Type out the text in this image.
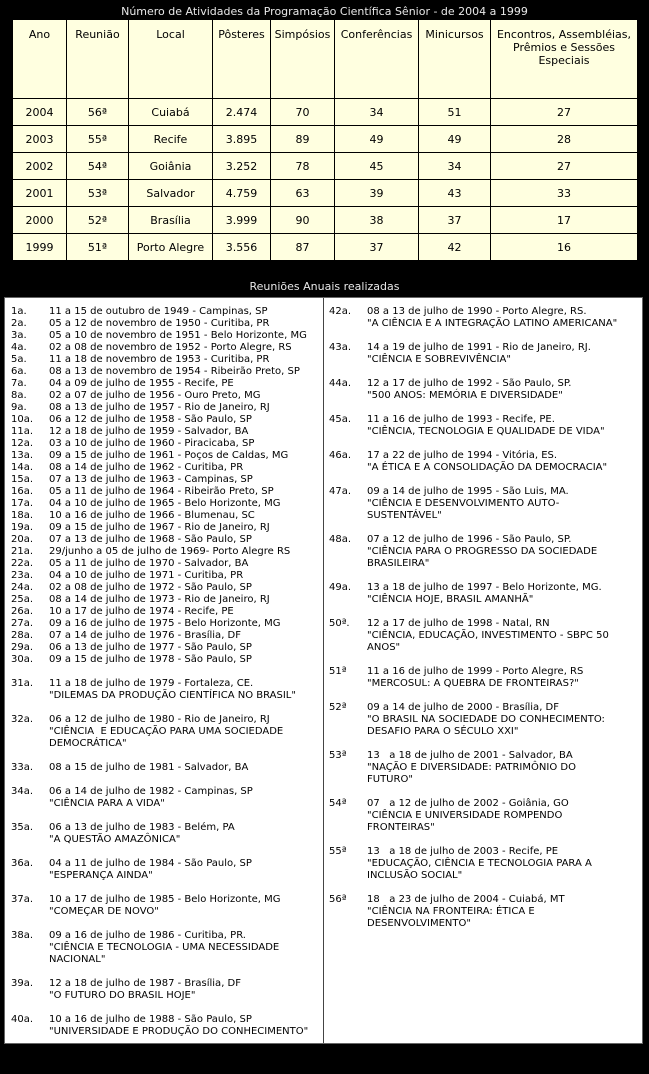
Número de Atividades da Programação Científica Sênior - de 2004 a 1999
Ano	Reunião	Local	Pôsteres	Simpósios	Conferências	Minicursos	Encontros, Assembléias, Prêmios e Sessões Especiais
2004	56ª	Cuiabá	2.474	70	34	51	27
2003	55ª	Recife	3.895	89	49	49	28
2002	54ª	Goiânia	3.252	78	45	34	27
2001	53ª	Salvador	4.759	63	39	43	33
2000	52ª	Brasília	3.999	90	38	37	17
1999	51ª	Porto Alegre	3.556	87	37	42	16
Reuniões Anuais realizadas
1a.	11 a 15 de outubro de 1949 - Campinas, SP
2a.	05 a 12 de novembro de 1950 - Curitiba, PR
3a.	05 a 10 de novembro de 1951 - Belo Horizonte, MG
4a.	02 a 08 de novembro de 1952 - Porto Alegre, RS
5a.	11 a 18 de novembro de 1953 - Curitiba, PR
6a.	08 a 13 de novembro de 1954 - Ribeirão Preto, SP
7a.	04 a 09 de julho de 1955 - Recife, PE
8a.	02 a 07 de julho de 1956 - Ouro Preto, MG
9a.	08 a 13 de julho de 1957 - Rio de Janeiro, RJ
10a.	06 a 12 de julho de 1958 - São Paulo, SP
11a.	12 a 18 de julho de 1959 - Salvador, BA
12a.	03 a 10 de julho de 1960 - Piracicaba, SP
13a.	09 a 15 de julho de 1961 - Poços de Caldas, MG
14a.	08 a 14 de julho de 1962 - Curitiba, PR
15a.	07 a 13 de julho de 1963 - Campinas, SP
16a.	05 a 11 de julho de 1964 - Ribeirão Preto, SP
17a.	04 a 10 de julho de 1965 - Belo Horizonte, MG
18a.	10 a 16 de julho de 1966 - Blumenau, SC
19a.	09 a 15 de julho de 1967 - Rio de Janeiro, RJ
20a.	07 a 13 de julho de 1968 - São Paulo, SP
21a.	29/junho a 05 de julho de 1969- Porto Alegre RS
22a.	05 a 11 de julho de 1970 - Salvador, BA
23a.	04 a 10 de julho de 1971 - Curitiba, PR
24a.	02 a 08 de julho de 1972 - São Paulo, SP
25a.	08 a 14 de julho de 1973 - Rio de Janeiro, RJ
26a.	10 a 17 de julho de 1974 - Recife, PE
27a.	09 a 16 de julho de 1975 - Belo Horizonte, MG
28a.	07 a 14 de julho de 1976 - Brasília, DF
29a.	06 a 13 de julho de 1977 - São Paulo, SP
30a.	09 a 15 de julho de 1978 - São Paulo, SP
31a.	11 a 18 de julho de 1979 - Fortaleza, CE.
"DILEMAS DA PRODUÇÃO CIENTÍFICA NO BRASIL"
32a.	06 a 12 de julho de 1980 - Rio de Janeiro, RJ
"CIÊNCIA  E EDUCAÇÃO PARA UMA SOCIEDADE
DEMOCRÁTICA"
33a.	08 a 15 de julho de 1981 - Salvador, BA
34a.	06 a 14 de julho de 1982 - Campinas, SP
"CIÊNCIA PARA A VIDA"
35a.	06 a 13 de julho de 1983 - Belém, PA
"A QUESTÃO AMAZÔNICA"
36a.	04 a 11 de julho de 1984 - São Paulo, SP
"ESPERANÇA AINDA"
37a.	10 a 17 de julho de 1985 - Belo Horizonte, MG
"COMEÇAR DE NOVO"
38a.	09 a 16 de julho de 1986 - Curitiba, PR.
"CIÊNCIA E TECNOLOGIA - UMA NECESSIDADE
NACIONAL"
39a.	12 a 18 de julho de 1987 - Brasília, DF
"O FUTURO DO BRASIL HOJE"
40a.	10 a 16 de julho de 1988 - São Paulo, SP
"UNIVERSIDADE E PRODUÇÃO DO CONHECIMENTO"
41a.	09 a 15 de julho de 1989 - Fortaleza, CE
"O ESTADO E A PESQUISA CIENTÍFICA
42a.	08 a 13 de julho de 1990 - Porto Alegre, RS.
"A CIÊNCIA E A INTEGRAÇÃO LATINO AMERICANA"
43a.	14 a 19 de julho de 1991 - Rio de Janeiro, RJ.
"CIÊNCIA E SOBREVIVÊNCIA"
44a.	12 a 17 de julho de 1992 - São Paulo, SP.
"500 ANOS: MEMÓRIA E DIVERSIDADE"
45a.	11 a 16 de julho de 1993 - Recife, PE.
"CIÊNCIA, TECNOLOGIA E QUALIDADE DE VIDA"
46a.	17 a 22 de julho de 1994 - Vitória, ES.
"A ÉTICA E A CONSOLIDAÇÃO DA DEMOCRACIA"
47a.	09 a 14 de julho de 1995 - São Luis, MA.
"CIÊNCIA E DESENVOLVIMENTO AUTO-
SUSTENTÁVEL"
48a.	07 a 12 de julho de 1996 - São Paulo, SP.
"CIÊNCIA PARA O PROGRESSO DA SOCIEDADE
BRASILEIRA"
49a.	13 a 18 de julho de 1997 - Belo Horizonte, MG.
"CIÊNCIA HOJE, BRASIL AMANHÃ"
50ª.	12 a 17 de julho de 1998 - Natal, RN
"CIÊNCIA, EDUCAÇÃO, INVESTIMENTO - SBPC 50
ANOS"
51ª	11 a 16 de julho de 1999 - Porto Alegre, RS
"MERCOSUL: A QUEBRA DE FRONTEIRAS?"
52ª	09 a 14 de julho de 2000 - Brasília, DF
"O BRASIL NA SOCIEDADE DO CONHECIMENTO:
DESAFIO PARA O SÉCULO XXI"
53ª	13   a 18 de julho de 2001 - Salvador, BA
"NAÇÃO E DIVERSIDADE: PATRIMÔNIO DO
FUTURO"
54ª	07   a 12 de julho de 2002 - Goiânia, GO
"CIÊNCIA E UNIVERSIDADE ROMPENDO
FRONTEIRAS"
55ª	13   a 18 de julho de 2003 - Recife, PE
"EDUCAÇÃO, CIÊNCIA E TECNOLOGIA PARA A
INCLUSÃO SOCIAL"
56ª	18   a 23 de julho de 2004 - Cuiabá, MT
"CIÊNCIA NA FRONTEIRA: ÉTICA E
DESENVOLVIMENTO"
